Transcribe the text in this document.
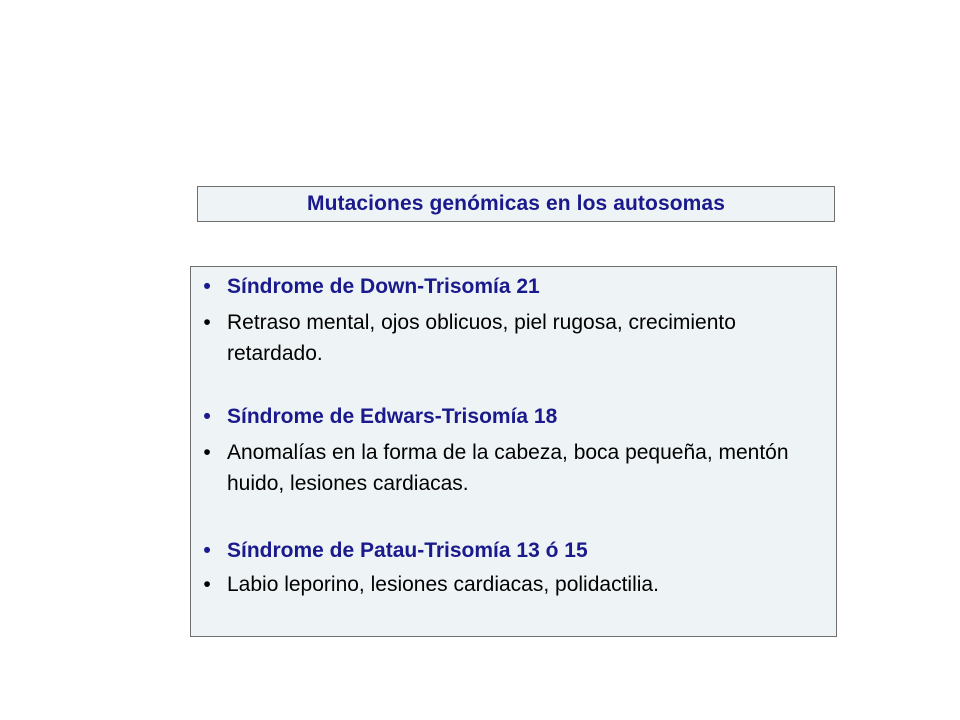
Mutaciones genómicas en los autosomas
• Síndrome de Down-Trisomía 21
• Retraso mental, ojos oblicuos, piel rugosa, crecimiento retardado.
• Síndrome de Edwars-Trisomía 18
• Anomalías en la forma de la cabeza, boca pequeña, mentón huido, lesiones cardiacas.
• Síndrome de Patau-Trisomía 13 ó 15
• Labio leporino, lesiones cardiacas, polidactilia.
